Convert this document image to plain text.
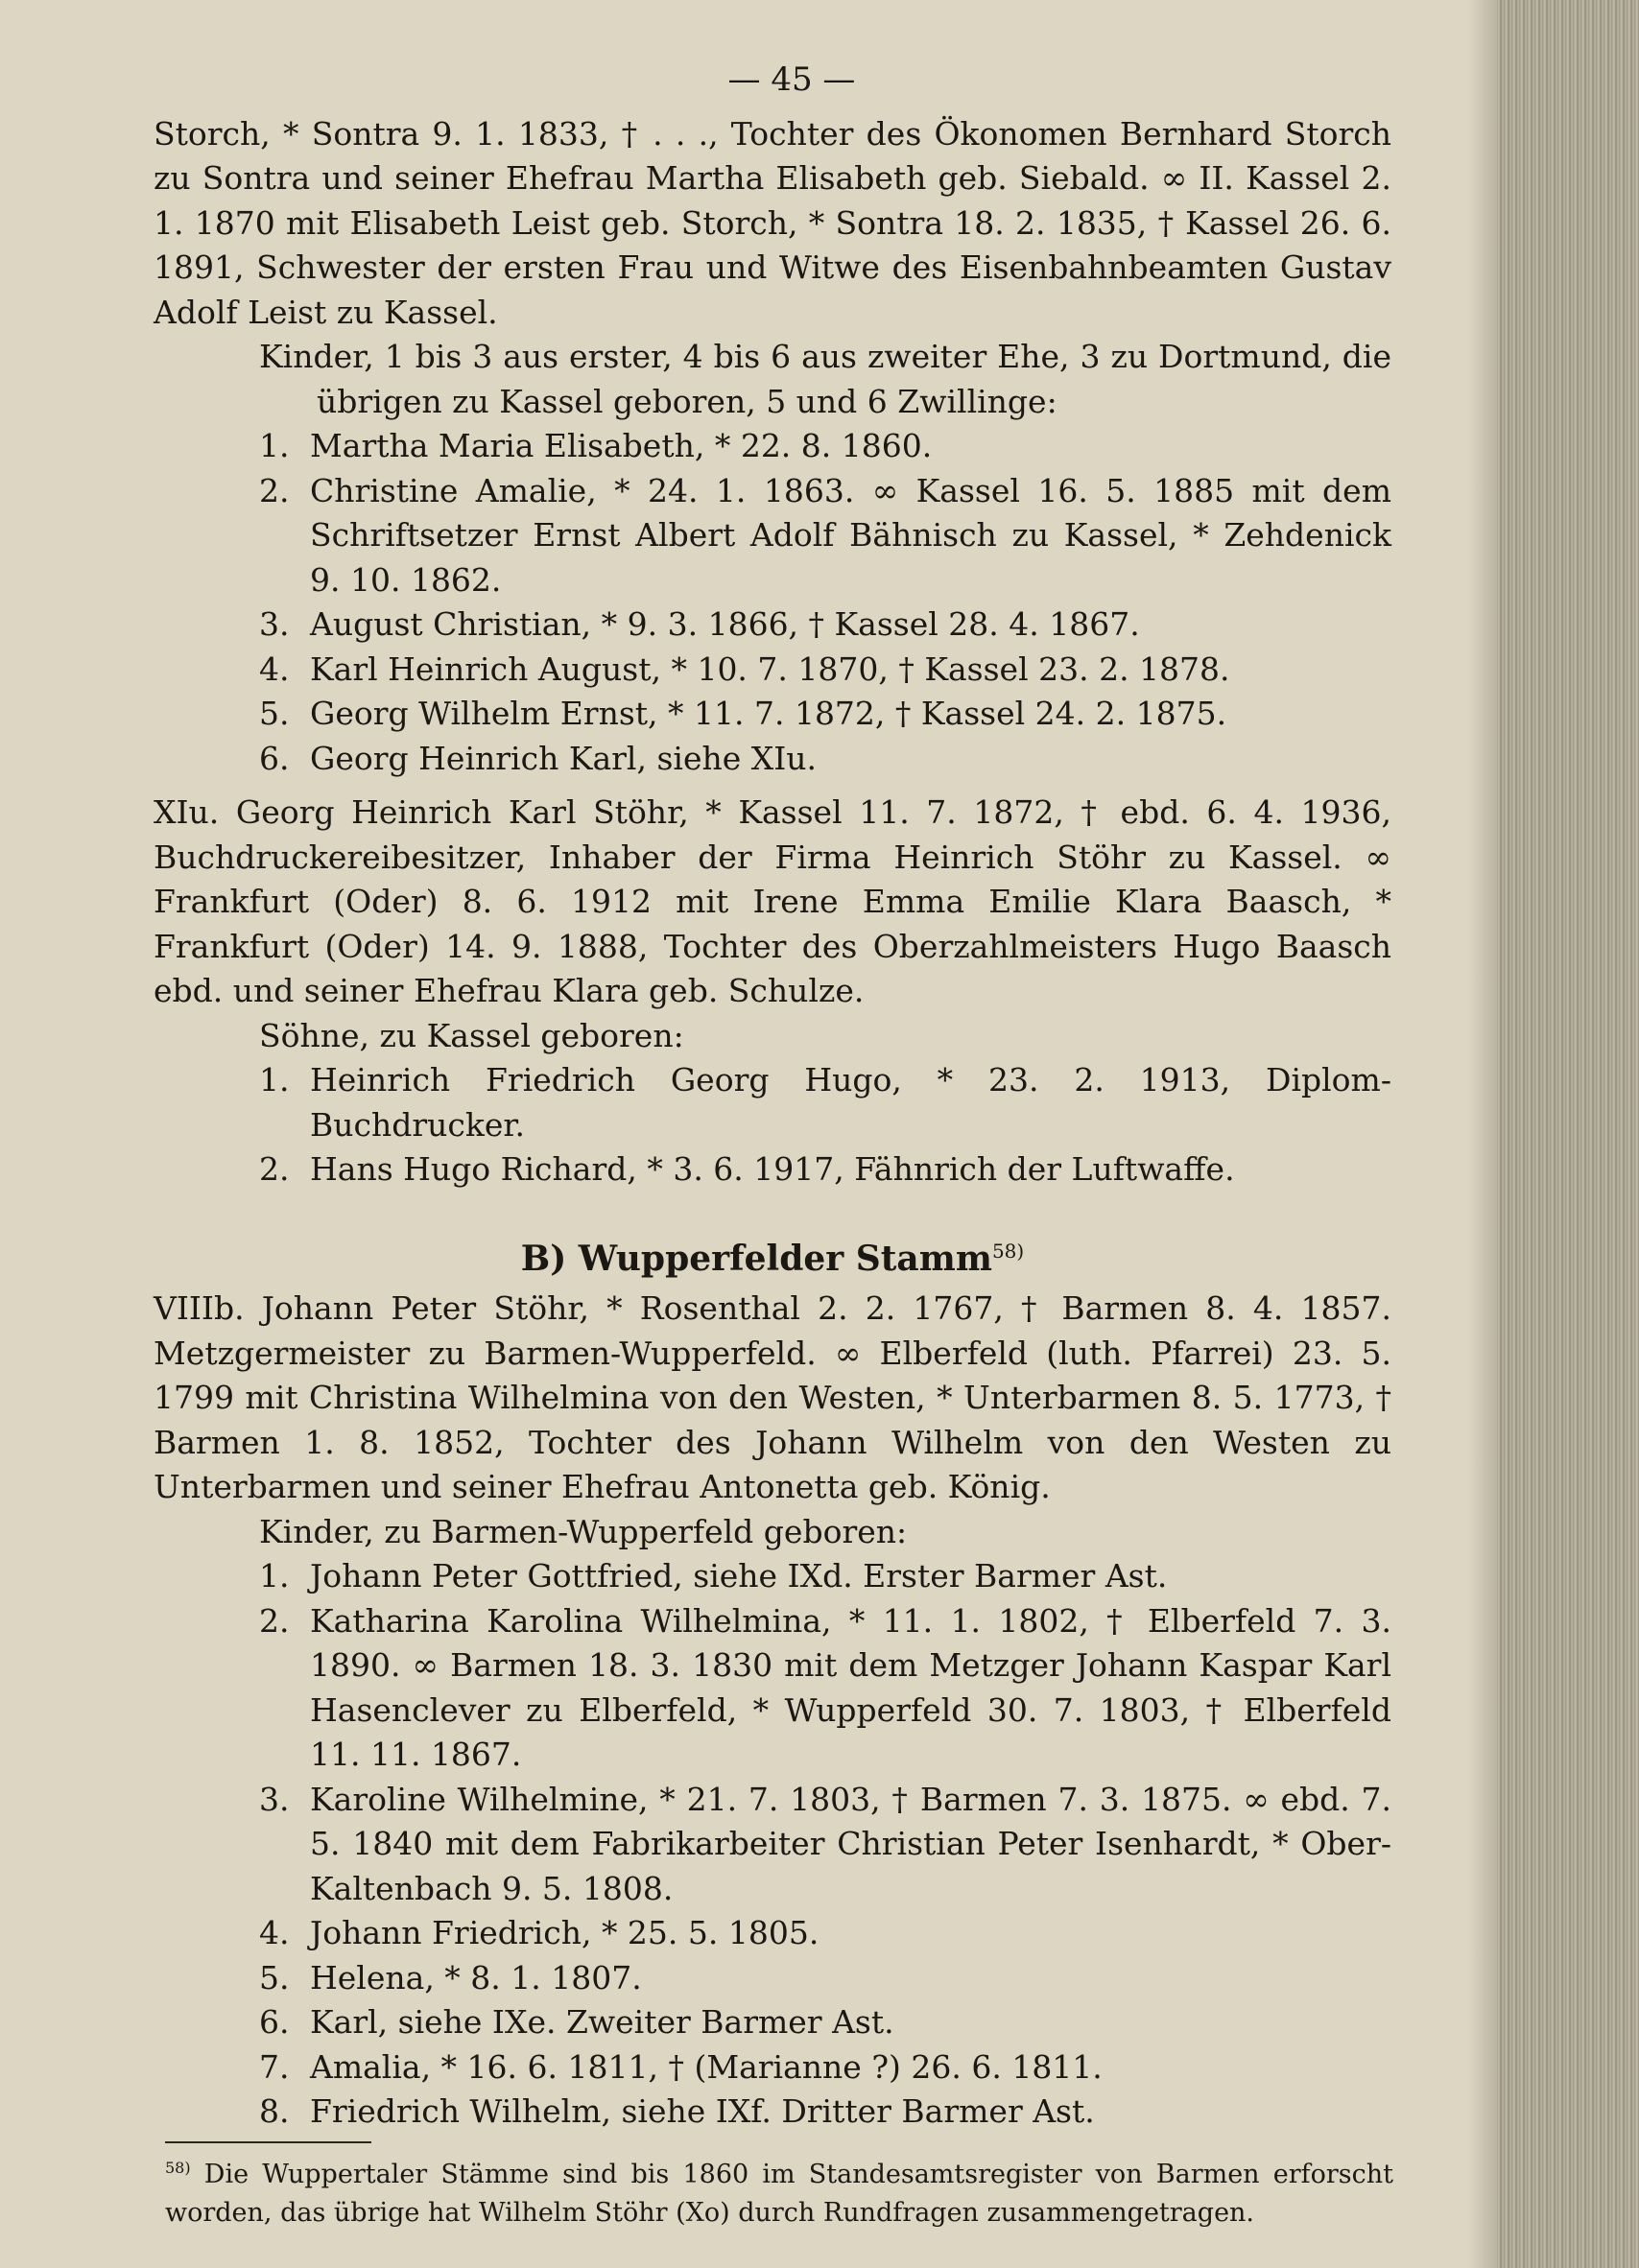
— 45 —

Storch, * Sontra 9. 1. 1833, † . . ., Tochter des Ökonomen Bernhard Storch zu Sontra und seiner Ehefrau Martha Elisabeth geb. Siebald. ∞ II. Kassel 2. 1. 1870 mit Elisabeth Leist geb. Storch, * Sontra 18. 2. 1835, † Kassel 26. 6. 1891, Schwester der ersten Frau und Witwe des Eisenbahnbeamten Gustav Adolf Leist zu Kassel.

Kinder, 1 bis 3 aus erster, 4 bis 6 aus zweiter Ehe, 3 zu Dortmund, die übrigen zu Kassel geboren, 5 und 6 Zwillinge:

1. Martha Maria Elisabeth, * 22. 8. 1860.
2. Christine Amalie, * 24. 1. 1863. ∞ Kassel 16. 5. 1885 mit dem Schriftsetzer Ernst Albert Adolf Bähnisch zu Kassel, * Zehdenick 9. 10. 1862.
3. August Christian, * 9. 3. 1866, † Kassel 28. 4. 1867.
4. Karl Heinrich August, * 10. 7. 1870, † Kassel 23. 2. 1878.
5. Georg Wilhelm Ernst, * 11. 7. 1872, † Kassel 24. 2. 1875.
6. Georg Heinrich Karl, siehe XIu.

XIu. Georg Heinrich Karl Stöhr, * Kassel 11. 7. 1872, † ebd. 6. 4. 1936, Buchdruckereibesitzer, Inhaber der Firma Heinrich Stöhr zu Kassel. ∞ Frankfurt (Oder) 8. 6. 1912 mit Irene Emma Emilie Klara Baasch, * Frankfurt (Oder) 14. 9. 1888, Tochter des Oberzahlmeisters Hugo Baasch ebd. und seiner Ehefrau Klara geb. Schulze.

Söhne, zu Kassel geboren:

1. Heinrich Friedrich Georg Hugo, * 23. 2. 1913, Diplom-Buchdrucker.
2. Hans Hugo Richard, * 3. 6. 1917, Fähnrich der Luftwaffe.
B) Wupperfelder Stamm$^{58)}$

VIIIb. Johann Peter Stöhr, * Rosenthal 2. 2. 1767, † Barmen 8. 4. 1857. Metzgermeister zu Barmen-Wupperfeld. ∞ Elberfeld (luth. Pfarrei) 23. 5. 1799 mit Christina Wilhelmina von den Westen, * Unterbarmen 8. 5. 1773, † Barmen 1. 8. 1852, Tochter des Johann Wilhelm von den Westen zu Unterbarmen und seiner Ehefrau Antonetta geb. König.

Kinder, zu Barmen-Wupperfeld geboren:

1. Johann Peter Gottfried, siehe IXd. Erster Barmer Ast.
2. Katharina Karolina Wilhelmina, * 11. 1. 1802, † Elberfeld 7. 3. 1890. ∞ Barmen 18. 3. 1830 mit dem Metzger Johann Kaspar Karl Hasenclever zu Elberfeld, * Wupperfeld 30. 7. 1803, † Elberfeld 11. 11. 1867.
3. Karoline Wilhelmine, * 21. 7. 1803, † Barmen 7. 3. 1875. ∞ ebd. 7. 5. 1840 mit dem Fabrikarbeiter Christian Peter Isenhardt, * Ober-Kaltenbach 9. 5. 1808.
4. Johann Friedrich, * 25. 5. 1805.
5. Helena, * 8. 1. 1807.
6. Karl, siehe IXe. Zweiter Barmer Ast.
7. Amalia, * 16. 6. 1811, † (Marianne ?) 26. 6. 1811.
8. Friedrich Wilhelm, siehe IXf. Dritter Barmer Ast.
$^{58)}$ Die Wuppertaler Stämme sind bis 1860 im Standesamtsregister von Barmen erforscht worden, das übrige hat Wilhelm Stöhr (Xo) durch Rundfragen zusammengetragen.
